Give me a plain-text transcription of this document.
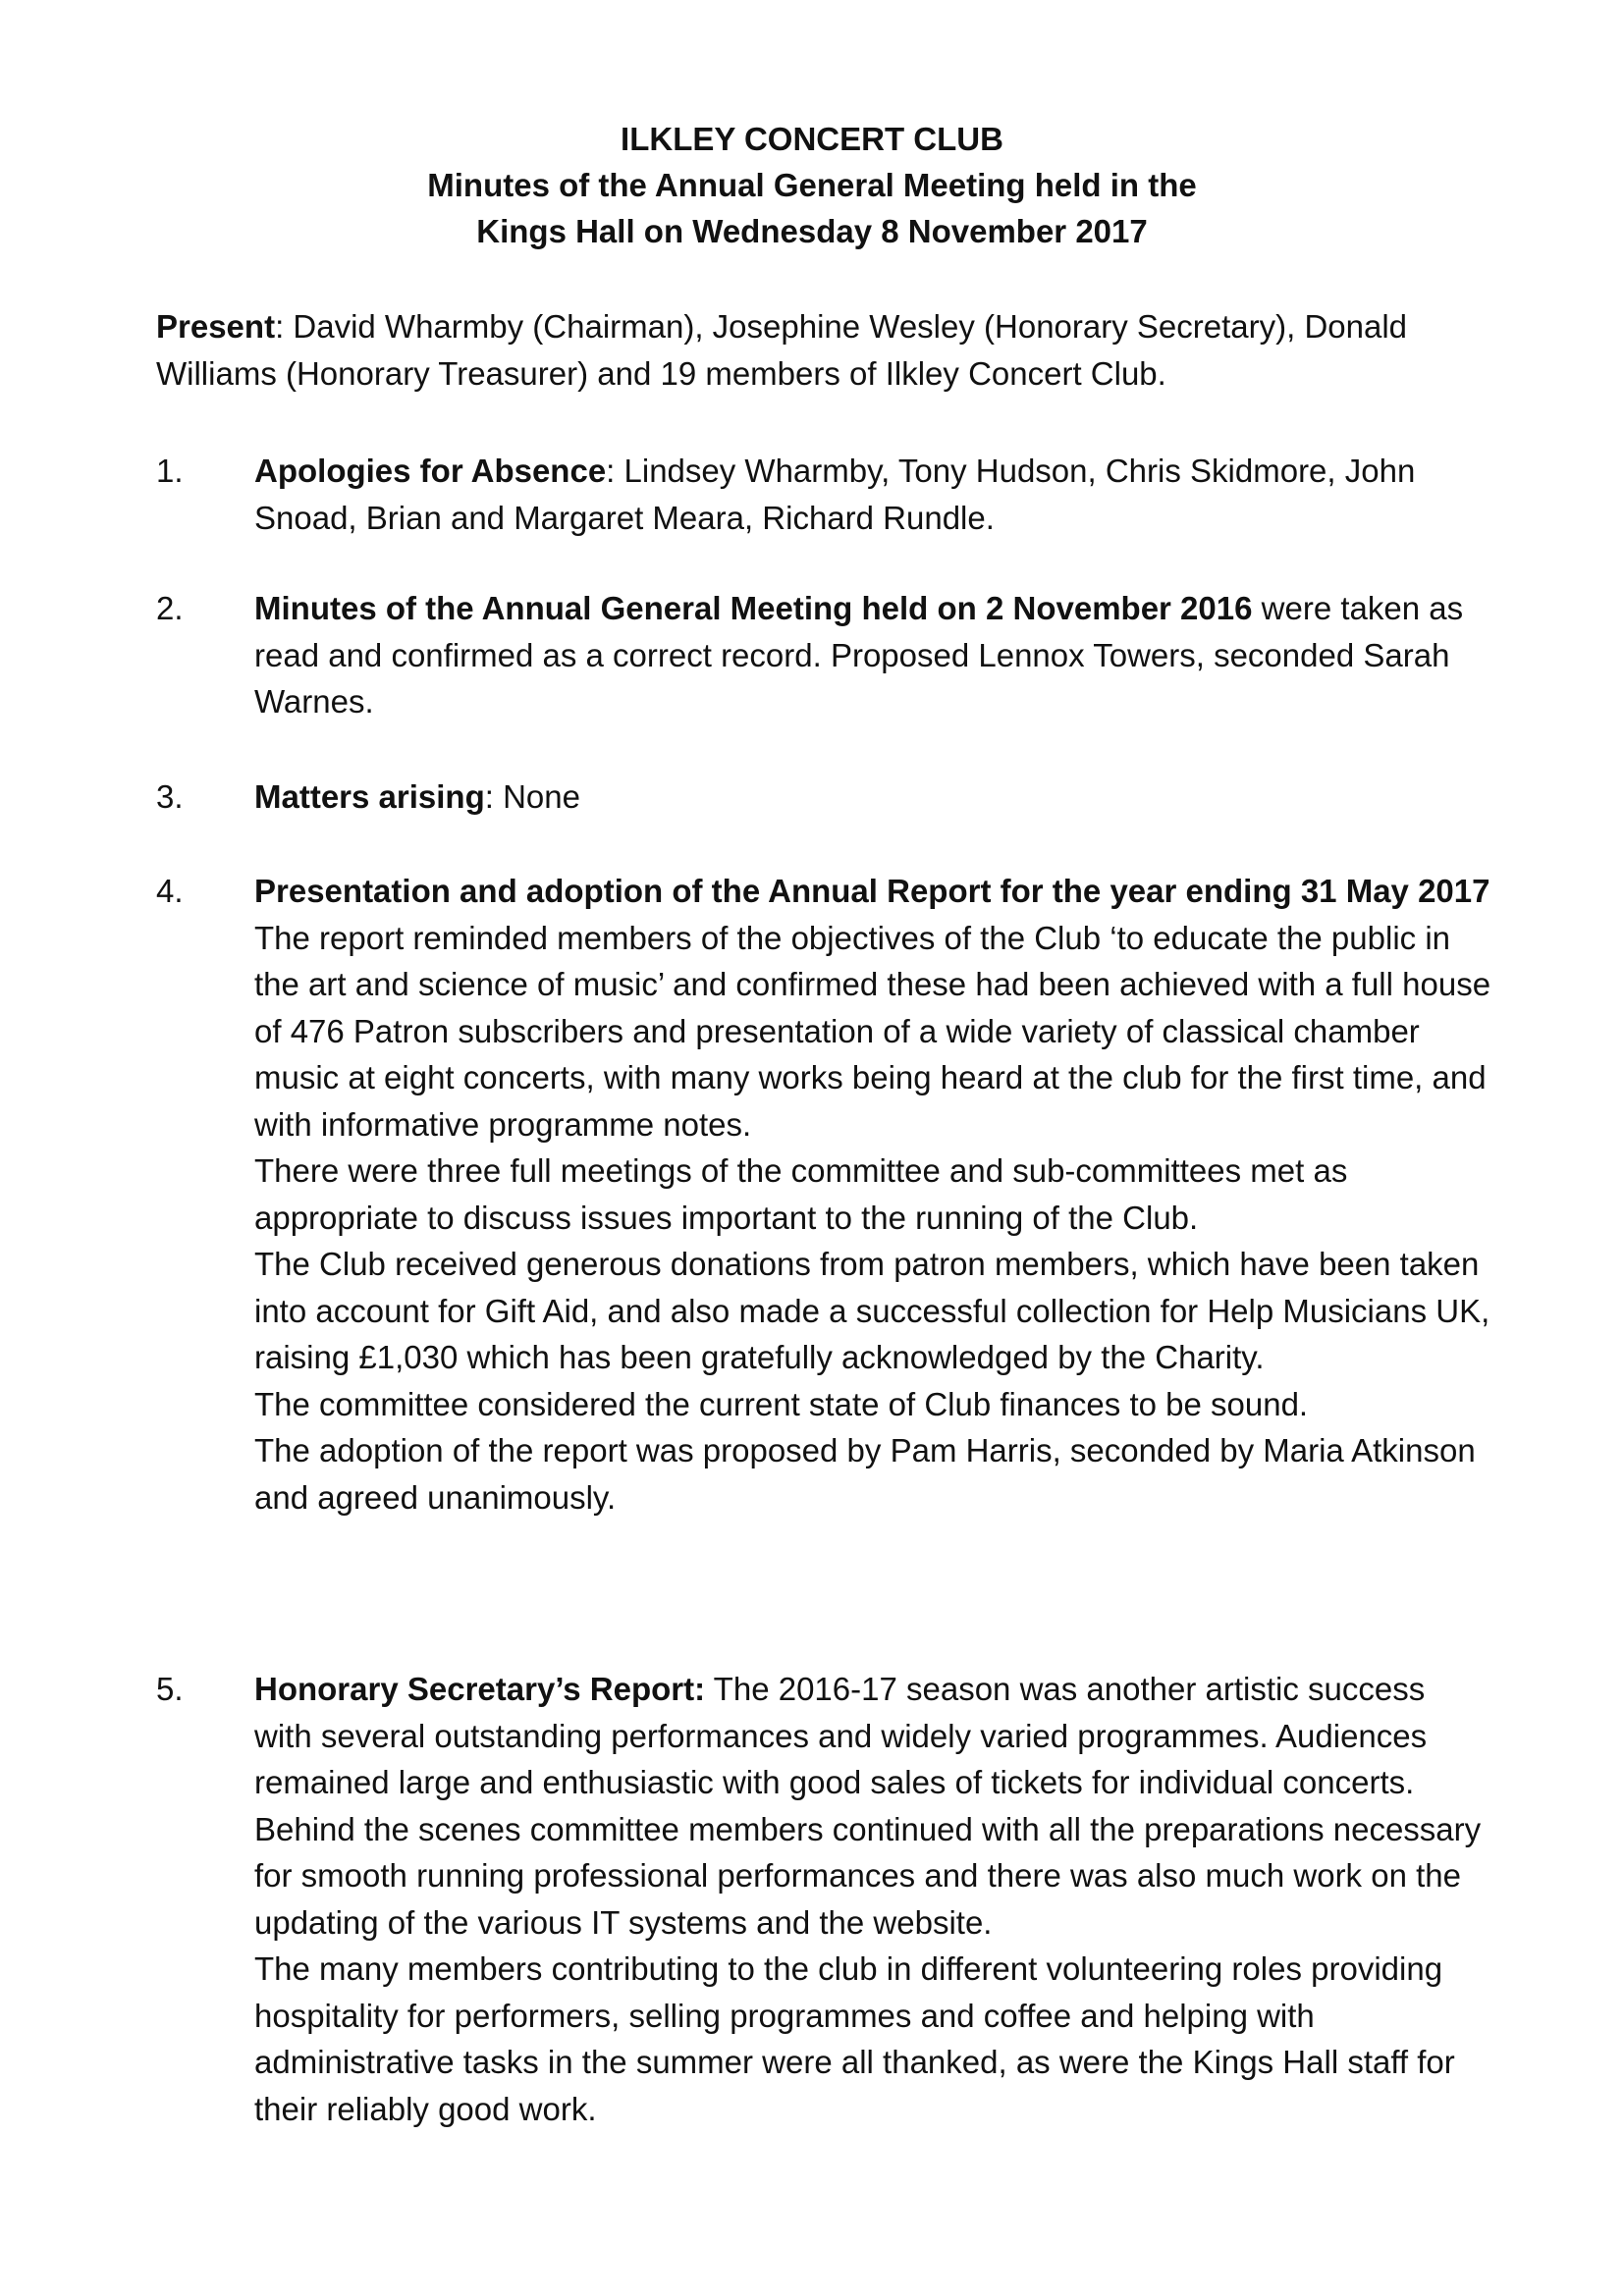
ILKLEY CONCERT CLUB
Minutes of the Annual General Meeting held in the
Kings Hall on Wednesday 8 November 2017
Present: David Wharmby (Chairman), Josephine Wesley (Honorary Secretary), Donald Williams (Honorary Treasurer) and 19 members of Ilkley Concert Club.
1.	Apologies for Absence: Lindsey Wharmby, Tony Hudson, Chris Skidmore, John Snoad, Brian and Margaret Meara, Richard Rundle.
2.	Minutes of the Annual General Meeting held on 2 November 2016 were taken as read and confirmed as a correct record. Proposed Lennox Towers, seconded Sarah Warnes.
3.	Matters arising: None
4.	Presentation and adoption of the Annual Report for the year ending 31 May 2017 The report reminded members of the objectives of the Club ‘to educate the public in the art and science of music’ and confirmed these had been achieved with a full house of 476 Patron subscribers and presentation of a wide variety of classical chamber music at eight concerts, with many works being heard at the club for the first time, and with informative programme notes.
There were three full meetings of the committee and sub-committees met as appropriate to discuss issues important to the running of the Club.
The Club received generous donations from patron members, which have been taken into account for Gift Aid, and also made a successful collection for Help Musicians UK, raising £1,030 which has been gratefully acknowledged by the Charity.
The committee considered the current state of Club finances to be sound.
The adoption of the report was proposed by Pam Harris, seconded by Maria Atkinson and agreed unanimously.
5.	Honorary Secretary’s Report: The 2016-17 season was another artistic success with several outstanding performances and widely varied programmes. Audiences remained large and enthusiastic with good sales of tickets for individual concerts.
Behind the scenes committee members continued with all the preparations necessary for smooth running professional performances and there was also much work on the updating of the various IT systems and the website.
The many members contributing to the club in different volunteering roles providing hospitality for performers, selling programmes and coffee and helping with administrative tasks in the summer were all thanked, as were the Kings Hall staff for their reliably good work.
